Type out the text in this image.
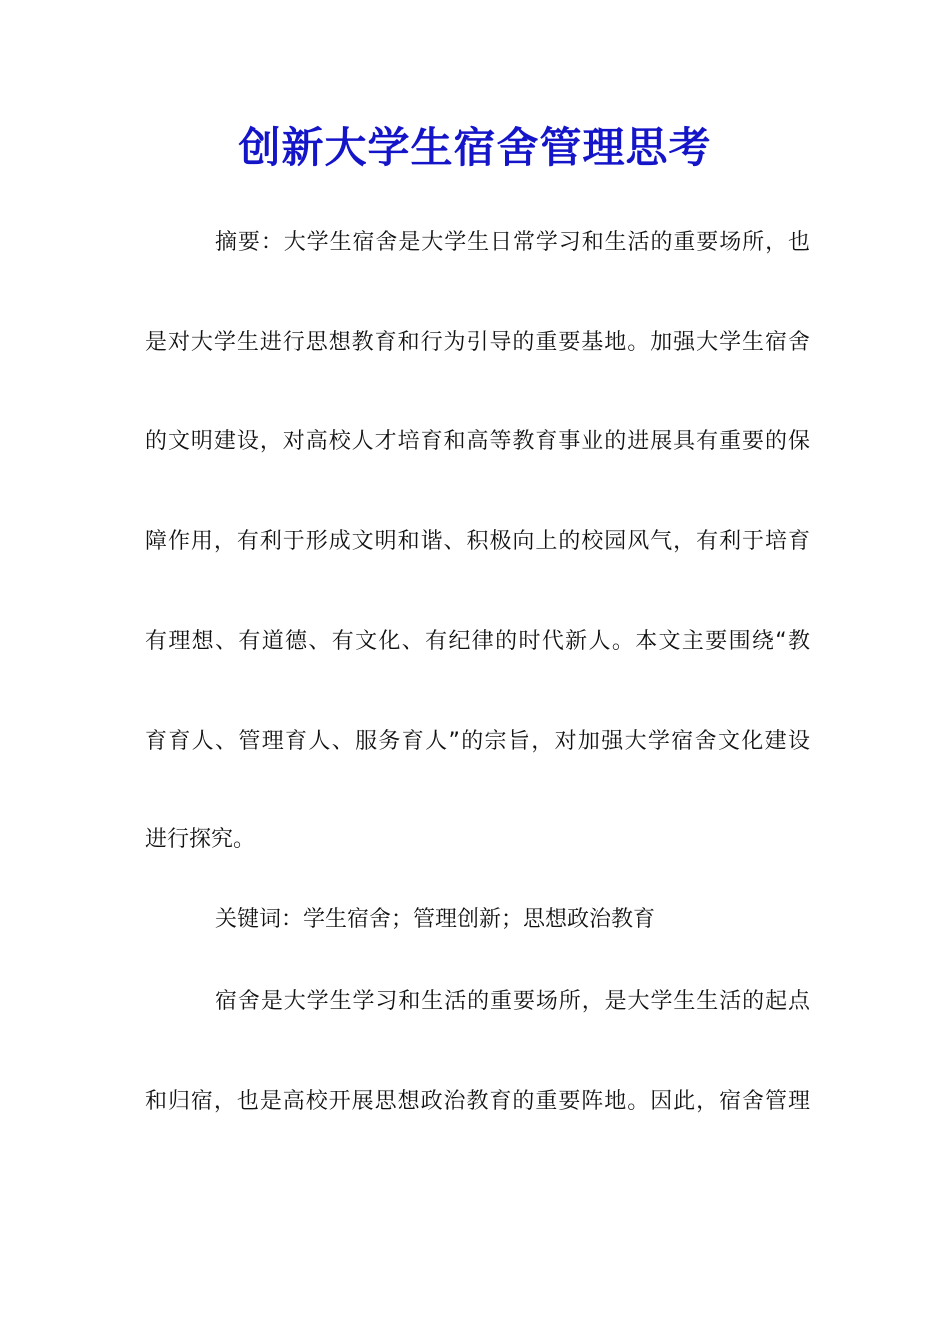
创新大学生宿舍管理思考
摘要：大学生宿舍是大学生日常学习和生活的重要场所，也
是对大学生进行思想教育和行为引导的重要基地。加强大学生宿舍
的文明建设，对高校人才培育和高等教育事业的进展具有重要的保
障作用，有利于形成文明和谐、积极向上的校园风气，有利于培育
有理想、有道德、有文化、有纪律的时代新人。本文主要围绕“教
育育人、管理育人、服务育人”的宗旨，对加强大学宿舍文化建设
进行探究。
关键词：学生宿舍；管理创新；思想政治教育
宿舍是大学生学习和生活的重要场所，是大学生生活的起点
和归宿，也是高校开展思想政治教育的重要阵地。因此，宿舍管理
